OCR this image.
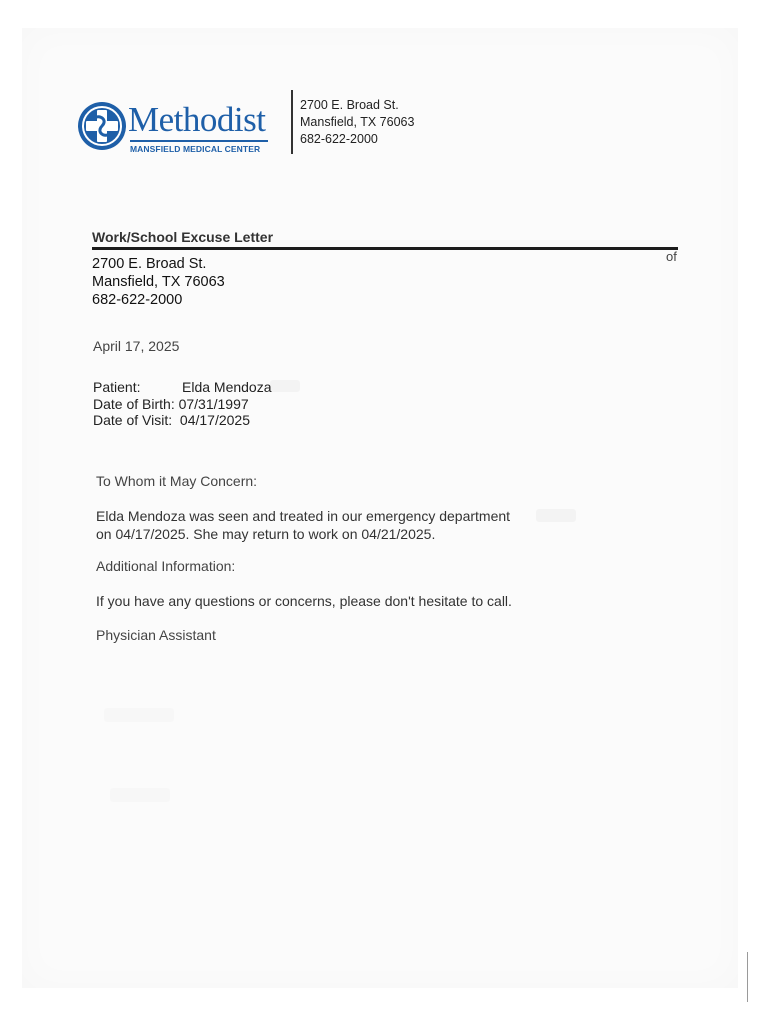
Methodist
MANSFIELD MEDICAL CENTER
2700 E. Broad St.
Mansfield, TX 76063
682-622-2000
Work/School Excuse Letter
of
2700 E. Broad St.
Mansfield, TX 76063
682-622-2000
April 17, 2025
Patient:	Elda Mendoza
Date of Birth: 07/31/1997
Date of Visit: 04/17/2025
To Whom it May Concern:
Elda Mendoza was seen and treated in our emergency department
on 04/17/2025. She may return to work on 04/21/2025.
Additional Information:
If you have any questions or concerns, please don't hesitate to call.
Physician Assistant
